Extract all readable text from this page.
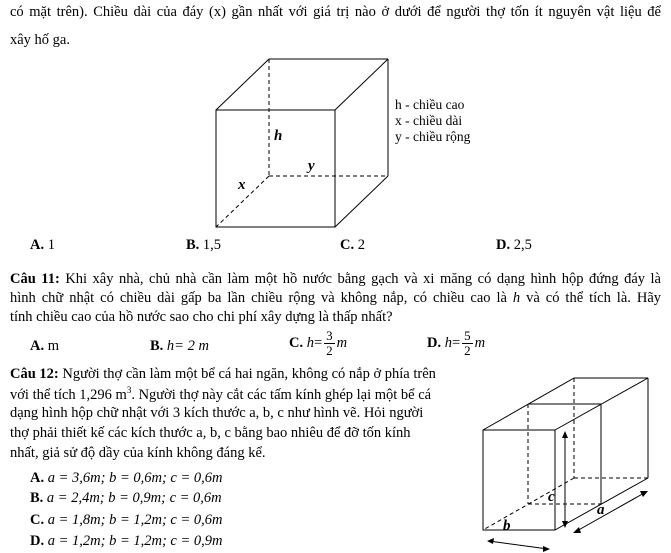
có mặt trên). Chiều dài của đáy (x) gần nhất với giá trị nào ở dưới để người thợ tốn ít nguyên vật liệu để
xây hố ga.
h
y
x
h - chiều cao
x - chiều dài
y - chiều rộng
A. 1	B. 1,5	C. 2	D. 2,5
Câu 11: Khi xây nhà, chủ nhà cần làm một hồ nước bằng gạch và xi măng có dạng hình hộp đứng đáy là
hình chữ nhật có chiều dài gấp ba lần chiều rộng và không nắp, có chiều cao là h và có thể tích là. Hãy
tính chiều cao của hồ nước sao cho chi phí xây dựng là thấp nhất?
A. m	B. h= 2 m	C. $h= \frac{3}{2}$ m	D. $h= \frac{5}{2}$ m
Câu 12: Người thợ cần làm một bể cá hai ngăn, không có nắp ở phía trên
với thể tích 1,296 $m^3$. Người thợ này cắt các tấm kính ghép lại một bể cá
dạng hình hộp chữ nhật với 3 kích thước a, b, c như hình vẽ. Hỏi người
thợ phải thiết kế các kích thước a, b, c bằng bao nhiêu để đỡ tốn kính
nhất, giả sử độ dầy của kính không đáng kể.
A. a = 3,6m; b = 0,6m; c = 0,6m
B. a = 2,4m; b = 0,9m; c = 0,6m
C. a = 1,8m; b = 1,2m; c = 0,6m
D. a = 1,2m; b = 1,2m; c = 0,9m
c
a
b
